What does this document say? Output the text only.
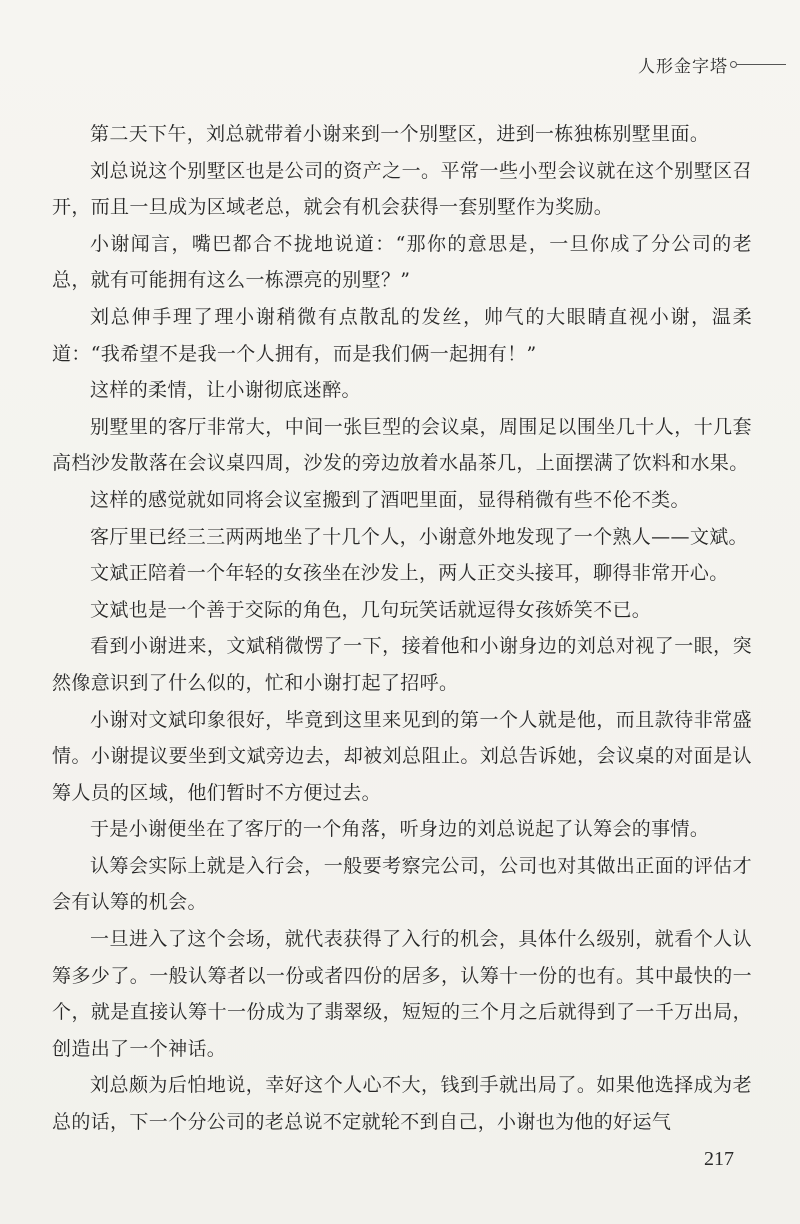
人形金字塔

第二天下午，刘总就带着小谢来到一个别墅区，进到一栋独栋别墅里面。

刘总说这个别墅区也是公司的资产之一。平常一些小型会议就在这个别墅区召开，而且一旦成为区域老总，就会有机会获得一套别墅作为奖励。

小谢闻言，嘴巴都合不拢地说道：“那你的意思是，一旦你成了分公司的老总，就有可能拥有这么一栋漂亮的别墅？”

刘总伸手理了理小谢稍微有点散乱的发丝，帅气的大眼睛直视小谢，温柔道：“我希望不是我一个人拥有，而是我们俩一起拥有！”

这样的柔情，让小谢彻底迷醉。

别墅里的客厅非常大，中间一张巨型的会议桌，周围足以围坐几十人，十几套高档沙发散落在会议桌四周，沙发的旁边放着水晶茶几，上面摆满了饮料和水果。

这样的感觉就如同将会议室搬到了酒吧里面，显得稍微有些不伦不类。

客厅里已经三三两两地坐了十几个人，小谢意外地发现了一个熟人——文斌。

文斌正陪着一个年轻的女孩坐在沙发上，两人正交头接耳，聊得非常开心。

文斌也是一个善于交际的角色，几句玩笑话就逗得女孩娇笑不已。

看到小谢进来，文斌稍微愣了一下，接着他和小谢身边的刘总对视了一眼，突然像意识到了什么似的，忙和小谢打起了招呼。

小谢对文斌印象很好，毕竟到这里来见到的第一个人就是他，而且款待非常盛情。小谢提议要坐到文斌旁边去，却被刘总阻止。刘总告诉她，会议桌的对面是认筹人员的区域，他们暂时不方便过去。

于是小谢便坐在了客厅的一个角落，听身边的刘总说起了认筹会的事情。

认筹会实际上就是入行会，一般要考察完公司，公司也对其做出正面的评估才会有认筹的机会。

一旦进入了这个会场，就代表获得了入行的机会，具体什么级别，就看个人认筹多少了。一般认筹者以一份或者四份的居多，认筹十一份的也有。其中最快的一个，就是直接认筹十一份成为了翡翠级，短短的三个月之后就得到了一千万出局，创造出了一个神话。

刘总颇为后怕地说，幸好这个人心不大，钱到手就出局了。如果他选择成为老总的话，下一个分公司的老总说不定就轮不到自己，小谢也为他的好运气

217
